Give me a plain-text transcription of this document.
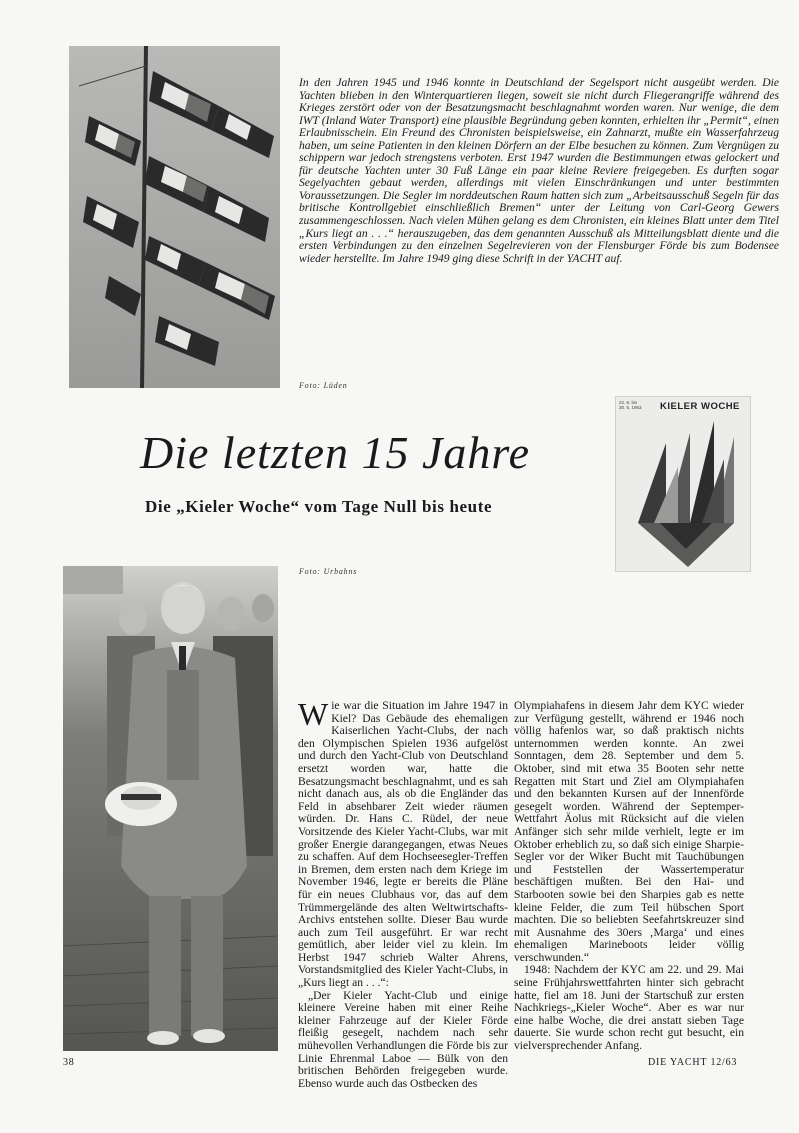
In den Jahren 1945 und 1946 konnte in Deutschland der Segelsport nicht ausgeübt werden. Die Yachten blieben in den Winterquartieren liegen, soweit sie nicht durch Fliegerangriffe während des Krieges zerstört oder von der Besatzungsmacht beschlagnahmt worden waren. Nur wenige, die dem IWT (Inland Water Transport) eine plausible Begründung geben konnten, erhielten ihr „Permit“, einen Erlaubnisschein. Ein Freund des Chronisten beispielsweise, ein Zahnarzt, mußte ein Wasserfahrzeug haben, um seine Patienten in den kleinen Dörfern an der Elbe besuchen zu können. Zum Vergnügen zu schippern war jedoch strengstens verboten. Erst 1947 wurden die Bestimmungen etwas gelockert und für deutsche Yachten unter 30 Fuß Länge ein paar kleine Reviere freigegeben. Es durften sogar Segelyachten gebaut werden, allerdings mit vielen Einschränkungen und unter bestimmten Voraussetzungen. Die Segler im norddeutschen Raum hatten sich zum „Arbeitsausschuß Segeln für das britische Kontrollgebiet einschließlich Bremen“ unter der Leitung von Carl-Georg Gewers zusammengeschlossen. Nach vielen Mühen gelang es dem Chronisten, ein kleines Blatt unter dem Titel „Kurs liegt an . . .“ herauszugeben, das dem genannten Ausschuß als Mitteilungsblatt diente und die ersten Verbindungen zu den einzelnen Segelrevieren von der Flensburger Förde bis zum Bodensee wieder herstellte. Im Jahre 1949 ging diese Schrift in der YACHT auf.

Foto: Lüden
Die letzten 15 Jahre
Die „Kieler Woche“ vom Tage Null bis heute
KIELER WOCHE
22. 6. bis
30. 6. 1963
Foto: Urbahns

Wie war die Situation im Jahre 1947 in Kiel? Das Gebäude des ehemaligen Kaiserlichen Yacht-Clubs, der nach den Olympischen Spielen 1936 aufgelöst und durch den Yacht-Club von Deutschland ersetzt worden war, hatte die Besatzungsmacht beschlagnahmt, und es sah nicht danach aus, als ob die Engländer das Feld in absehbarer Zeit wieder räumen würden. Dr. Hans C. Rüdel, der neue Vorsitzende des Kieler Yacht-Clubs, war mit großer Energie darangegangen, etwas Neues zu schaffen. Auf dem Hochseesegler-Treffen in Bremen, dem ersten nach dem Kriege im November 1946, legte er bereits die Pläne für ein neues Clubhaus vor, das auf dem Trümmergelände des alten Weltwirtschafts-Archivs entstehen sollte. Dieser Bau wurde auch zum Teil ausgeführt. Er war recht gemütlich, aber leider viel zu klein. Im Herbst 1947 schrieb Walter Ahrens, Vorstandsmitglied des Kieler Yacht-Clubs, in „Kurs liegt an . . .“:

„Der Kieler Yacht-Club und einige kleinere Vereine haben mit einer Reihe kleiner Fahrzeuge auf der Kieler Förde fleißig gesegelt, nachdem nach sehr mühevollen Verhandlungen die Förde bis zur Linie Ehrenmal Laboe — Bülk von den britischen Behörden freigegeben wurde. Ebenso wurde auch das Ostbecken des

Olympiahafens in diesem Jahr dem KYC wieder zur Verfügung gestellt, während er 1946 noch völlig hafenlos war, so daß praktisch nichts unternommen werden konnte. An zwei Sonntagen, dem 28. September und dem 5. Oktober, sind mit etwa 35 Booten sehr nette Regatten mit Start und Ziel am Olympiahafen und den bekannten Kursen auf der Innenförde gesegelt worden. Während der Septemper-Wettfahrt Äolus mit Rücksicht auf die vielen Anfänger sich sehr milde verhielt, legte er im Oktober erheblich zu, so daß sich einige Sharpie-Segler vor der Wiker Bucht mit Tauchübungen und Feststellen der Wassertemperatur beschäftigen mußten. Bei den Hai- und Starbooten sowie bei den Sharpies gab es nette kleine Felder, die zum Teil hübschen Sport machten. Die so beliebten Seefahrtskreuzer sind mit Ausnahme des 30ers ‚Marga‘ und eines ehemaligen Marineboots leider völlig verschwunden.“

1948: Nachdem der KYC am 22. und 29. Mai seine Frühjahrswettfahrten hinter sich gebracht hatte, fiel am 18. Juni der Startschuß zur ersten Nachkriegs-„Kieler Woche“. Aber es war nur eine halbe Woche, die drei anstatt sieben Tage dauerte. Sie wurde schon recht gut besucht, ein vielversprechender Anfang.

38	DIE YACHT 12/63
